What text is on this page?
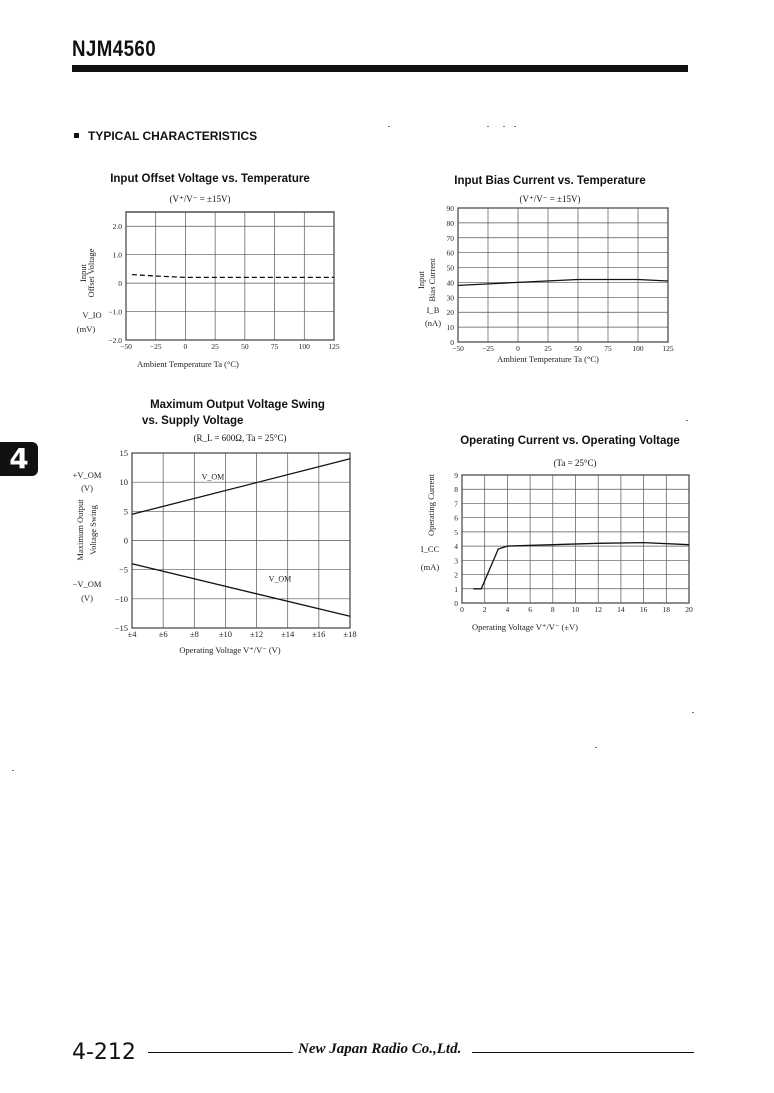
NJM4560
TYPICAL CHARACTERISTICS
4
Input Offset Voltage vs. Temperature
(V⁺/V⁻ = ±15V)
−50 −25	0	25	50	75	100 125
2.0
1.0
0
−1.0
−2.0
Ambient Temperature Ta (°C)
Input
Offset Voltage
V_IO
(mV)
Input Bias Current vs. Temperature
(V⁺/V⁻ = ±15V)
−50 −25	0	25	50	75	100	125
0
10
20
30
40
50
60
70
80
90
Ambient Temperature Ta (°C)
Input Bias Current
I_B
(nA)
Maximum Output Voltage Swing
vs. Supply Voltage
(R_L = 600Ω, Ta = 25°C)
±4	±6	±8 ±10 ±12 ±14 ±16 ±18
15
10
5
0
−5
−10
−15
Operating Voltage V⁺/V⁻ (V)
Maximum Output Voltage Swing
+V_OM
(V)
−V_OM
(V)
V_OM
V_OM
Operating Current vs. Operating Voltage
(Ta = 25°C)
0	2	4	6	8 10 12 14 16 18 20
0
1
2
3
4
5
6
7
8
9
Operating Voltage V⁺/V⁻ (±V)
Operating Current
I_CC
(mA)
4-212	New Japan Radio Co.,Ltd.
